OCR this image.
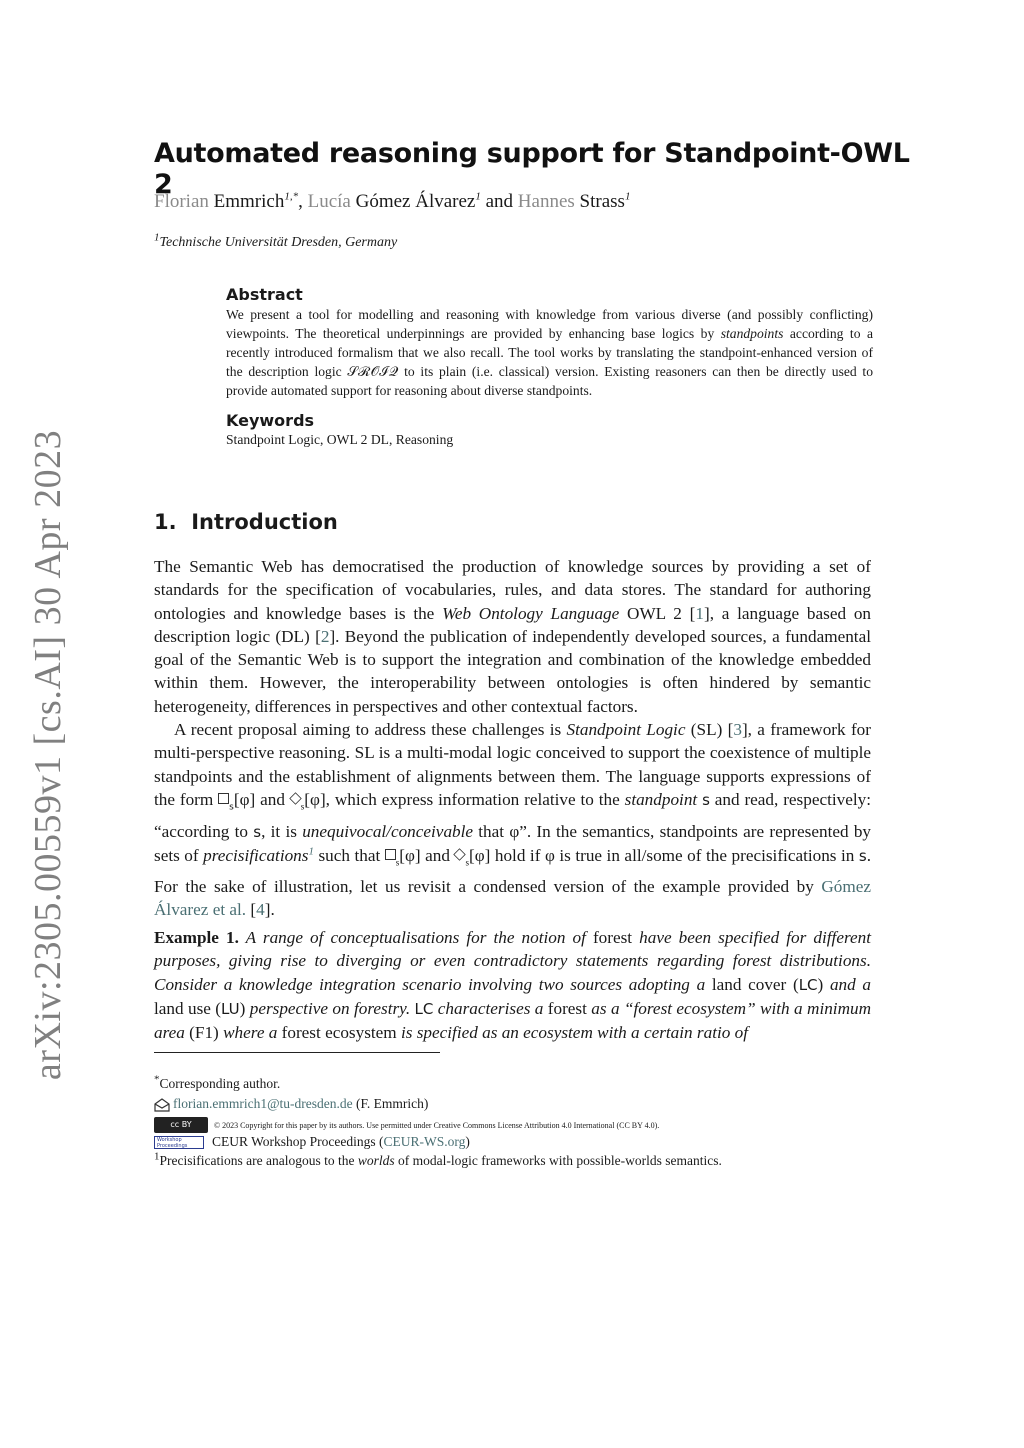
arXiv:2305.00559v1 [cs.AI] 30 Apr 2023
Automated reasoning support for Standpoint-OWL 2
Florian Emmrich$^{1,*}$, Lucía Gómez Álvarez$^1$ and Hannes Strass$^1$
$^1$Technische Universität Dresden, Germany
Abstract
We present a tool for modelling and reasoning with knowledge from various diverse (and possibly conflicting) viewpoints. The theoretical underpinnings are provided by enhancing base logics by standpoints according to a recently introduced formalism that we also recall. The tool works by translating the standpoint-enhanced version of the description logic 𝒮ℛ𝒪ℐ𝒬 to its plain (i.e. classical) version. Existing reasoners can then be directly used to provide automated support for reasoning about diverse standpoints.
Keywords
Standpoint Logic, OWL 2 DL, Reasoning
1. Introduction
The Semantic Web has democratised the production of knowledge sources by providing a set of standards for the specification of vocabularies, rules, and data stores. The standard for authoring ontologies and knowledge bases is the Web Ontology Language OWL 2 [1], a language based on description logic (DL) [2]. Beyond the publication of independently developed sources, a fundamental goal of the Semantic Web is to support the integration and combination of the knowledge embedded within them. However, the interoperability between ontologies is often hindered by semantic heterogeneity, differences in perspectives and other contextual factors.
A recent proposal aiming to address these challenges is Standpoint Logic (SL) [3], a framework for multi-perspective reasoning. SL is a multi-modal logic conceived to support the coexistence of multiple standpoints and the establishment of alignments between them. The language supports expressions of the form $_s$[φ] and $_s$[φ], which express information relative to the standpoint s and read, respectively: “according to s, it is unequivocal/conceivable that φ”. In the semantics, standpoints are represented by sets of precisifications$^1$ such that $_s$[φ] and $_s$[φ] hold if φ is true in all/some of the precisifications in s. For the sake of illustration, let us revisit a condensed version of the example provided by Gómez Álvarez et al. [4].
Example 1. A range of conceptualisations for the notion of forest have been specified for different purposes, giving rise to diverging or even contradictory statements regarding forest distributions. Consider a knowledge integration scenario involving two sources adopting a land cover (LC) and a land use (LU) perspective on forestry. LC characterises a forest as a “forest ecosystem” with a minimum area (F1) where a forest ecosystem is specified as an ecosystem with a certain ratio of
*Corresponding author.
florian.emmrich1@tu-dresden.de (F. Emmrich)
cc BY	© 2023 Copyright for this paper by its authors. Use permitted under Creative Commons License Attribution 4.0 International (CC BY 4.0).
Workshop Proceedings CEUR Workshop Proceedings (CEUR-WS.org)
$^1$Precisifications are analogous to the worlds of modal-logic frameworks with possible-worlds semantics.
